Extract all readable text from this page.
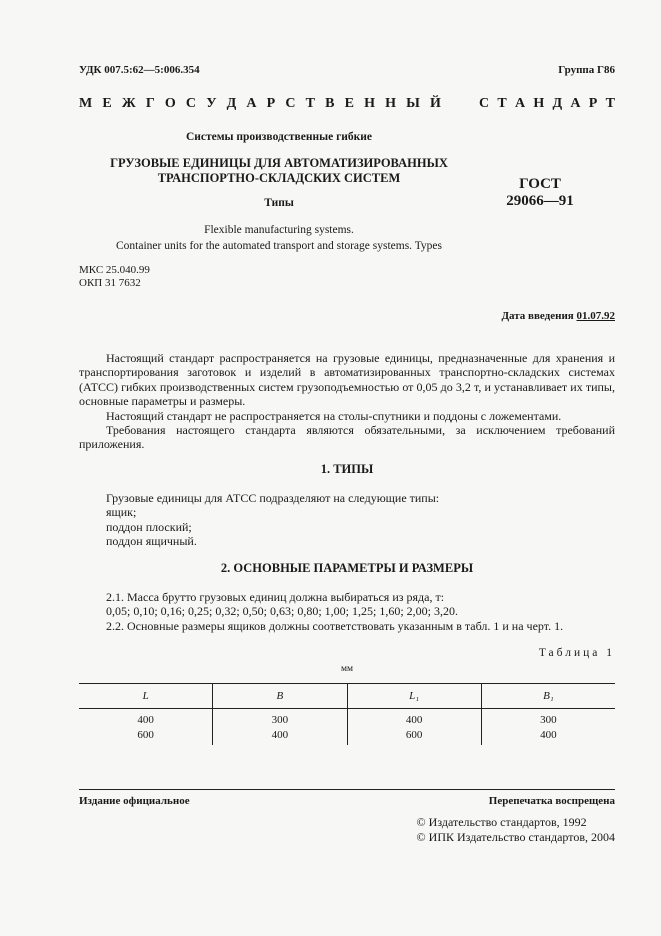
УДК 007.5:62—5:006.354	Группа Г86
М Е Ж Г О С У Д А Р С Т В Е Н Н Ы Й	С Т А Н Д А Р Т
Системы производственные гибкие
ГРУЗОВЫЕ ЕДИНИЦЫ ДЛЯ АВТОМАТИЗИРОВАННЫХ
ТРАНСПОРТНО-СКЛАДСКИХ СИСТЕМ
Типы
Flexible manufacturing systems.
Container units for the automated transport and storage systems. Types
ГОСТ
29066—91
МКС 25.040.99
ОКП 31 7632
Дата введения 01.07.92
Настоящий стандарт распространяется на грузовые единицы, предназначенные для хранения и транспортирования заготовок и изделий в автоматизированных транспортно-складских системах (АТСС) гибких производственных систем грузоподъемностью от 0,05 до 3,2 т, и устанавливает их типы, основные параметры и размеры.
Настоящий стандарт не распространяется на столы-спутники и поддоны с ложементами.
Требования настоящего стандарта являются обязательными, за исключением требований приложения.
1. ТИПЫ
Грузовые единицы для АТСС подразделяют на следующие типы:
ящик;
поддон плоский;
поддон ящичный.
2. ОСНОВНЫЕ ПАРАМЕТРЫ И РАЗМЕРЫ
2.1. Масса брутто грузовых единиц должна выбираться из ряда, т:
0,05; 0,10; 0,16; 0,25; 0,32; 0,50; 0,63; 0,80; 1,00; 1,25; 1,60; 2,00; 3,20.
2.2. Основные размеры ящиков должны соответствовать указанным в табл. 1 и на черт. 1.
Таблица 1
мм
L	B	L₁	B₁
400	300	400	300
600	400	600	400
Издание официальное	Перепечатка воспрещена
© Издательство стандартов, 1992
© ИПК Издательство стандартов, 2004
